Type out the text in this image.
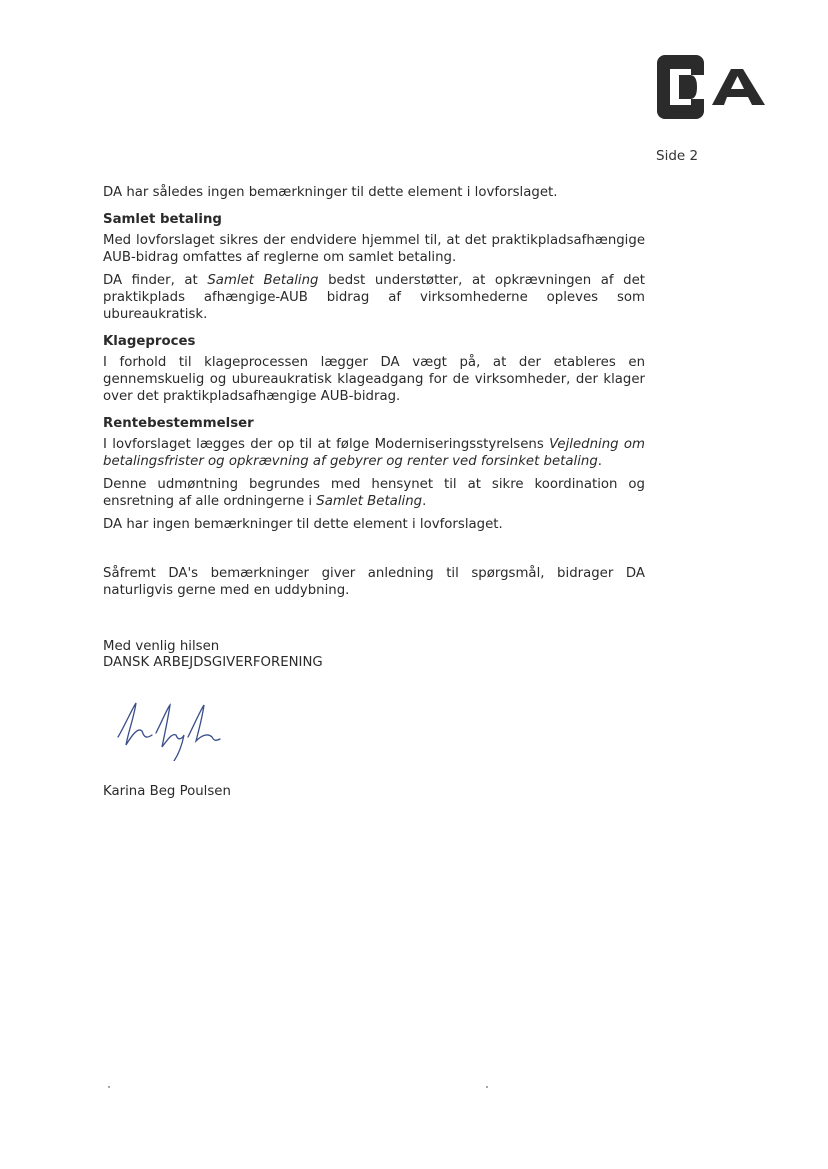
Side 2

DA har således ingen bemærkninger til dette element i lovforslaget.

Samlet betaling

Med lovforslaget sikres der endvidere hjemmel til, at det praktikpladsafhængige AUB-bidrag omfattes af reglerne om samlet betaling.

DA finder, at Samlet Betaling bedst understøtter, at opkrævningen af det praktikplads afhængige-AUB bidrag af virksomhederne opleves som ubureaukratisk.

Klageproces

I forhold til klageprocessen lægger DA vægt på, at der etableres en gennemskuelig og ubureaukratisk klageadgang for de virksomheder, der klager over det praktikpladsafhængige AUB-bidrag.

Rentebestemmelser

I lovforslaget lægges der op til at følge Moderniseringsstyrelsens Vejledning om betalingsfrister og opkrævning af gebyrer og renter ved forsinket betaling.

Denne udmøntning begrundes med hensynet til at sikre koordination og ensretning af alle ordningerne i Samlet Betaling.

DA har ingen bemærkninger til dette element i lovforslaget.

Såfremt DA's bemærkninger giver anledning til spørgsmål, bidrager DA naturligvis gerne med en uddybning.

Med venlig hilsen
DANSK ARBEJDSGIVERFORENING
Karina Beg Poulsen
